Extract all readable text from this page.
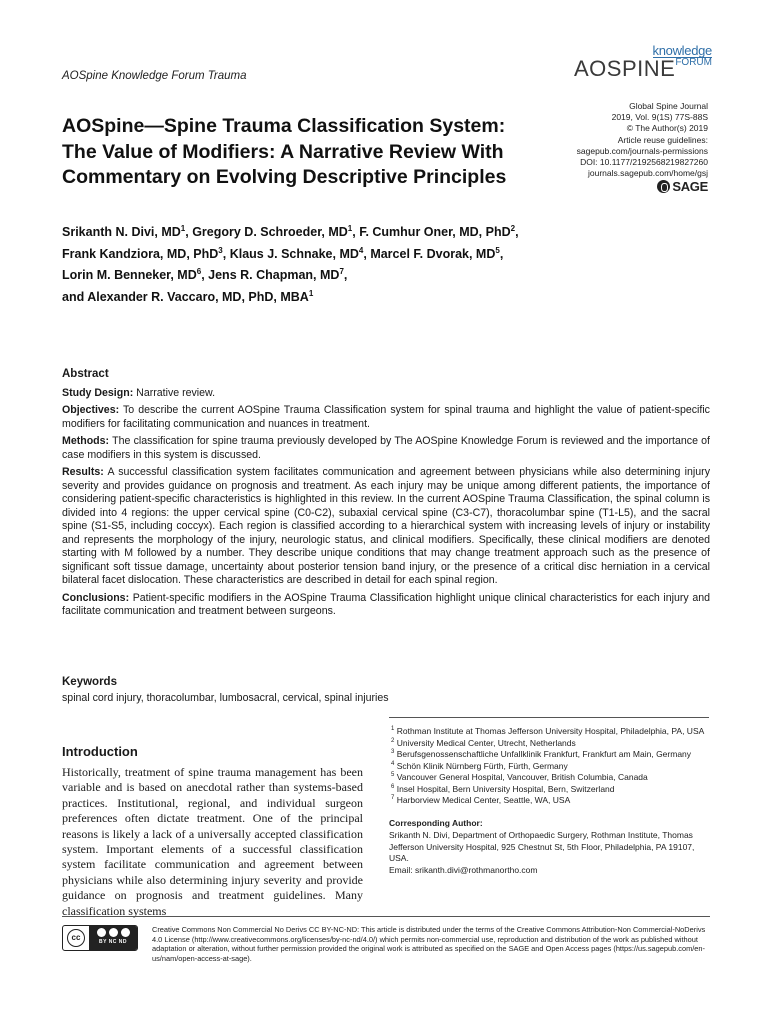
AOSpine Knowledge Forum Trauma
knowledge
AOSPINE FORUM
Global Spine Journal
2019, Vol. 9(1S) 77S-88S
© The Author(s) 2019
Article reuse guidelines:
sagepub.com/journals-permissions
DOI: 10.1177/2192568219827260
journals.sagepub.com/home/gsj
SAGE
AOSpine—Spine Trauma Classification System: The Value of Modifiers: A Narrative Review With Commentary on Evolving Descriptive Principles
Srikanth N. Divi, $MD^1$, Gregory D. Schroeder, $MD^1$, F. Cumhur Oner, MD, PhD$^2$,
Frank Kandziora, MD, PhD$^3$, Klaus J. Schnake, $MD^4$, Marcel F. Dvorak, $MD^5$,
Lorin M. Benneker, $MD^6$, Jens R. Chapman, $MD^7$,
and Alexander R. Vaccaro, MD, PhD, MBA$^1$
Abstract

Study Design: Narrative review.

Objectives: To describe the current AOSpine Trauma Classification system for spinal trauma and highlight the value of patient-specific modifiers for facilitating communication and nuances in treatment.

Methods: The classification for spine trauma previously developed by The AOSpine Knowledge Forum is reviewed and the importance of case modifiers in this system is discussed.

Results: A successful classification system facilitates communication and agreement between physicians while also determining injury severity and provides guidance on prognosis and treatment. As each injury may be unique among different patients, the importance of considering patient-specific characteristics is highlighted in this review. In the current AOSpine Trauma Classification, the spinal column is divided into 4 regions: the upper cervical spine (C0-C2), subaxial cervical spine (C3-C7), thoracolumbar spine (T1-L5), and the sacral spine (S1-S5, including coccyx). Each region is classified according to a hierarchical system with increasing levels of injury or instability and represents the morphology of the injury, neurologic status, and clinical modifiers. Specifically, these clinical modifiers are denoted starting with M followed by a number. They describe unique conditions that may change treatment approach such as the presence of significant soft tissue damage, uncertainty about posterior tension band injury, or the presence of a critical disc herniation in a cervical bilateral facet dislocation. These characteristics are described in detail for each spinal region.

Conclusions: Patient-specific modifiers in the AOSpine Trauma Classification highlight unique clinical characteristics for each injury and facilitate communication and treatment between surgeons.

Keywords
spinal cord injury, thoracolumbar, lumbosacral, cervical, spinal injuries
Introduction

Historically, treatment of spine trauma management has been variable and is based on anecdotal rather than systems-based practices. Institutional, regional, and individual surgeon preferences often dictate treatment. One of the principal reasons is likely a lack of a universally accepted classification system. Important elements of a successful classification system facilitate communication and agreement between physicians while also determining injury severity and provide guidance on prognosis and treatment guidelines. Many classification systems

$^1$ Rothman Institute at Thomas Jefferson University Hospital, Philadelphia, PA, USA
$^2$ University Medical Center, Utrecht, Netherlands
$^3$ Berufsgenossenschaftliche Unfallklinik Frankfurt, Frankfurt am Main, Germany
$^4$ Schön Klinik Nürnberg Fürth, Fürth, Germany
$^5$ Vancouver General Hospital, Vancouver, British Columbia, Canada
$^6$ Insel Hospital, Bern University Hospital, Bern, Switzerland
$^7$ Harborview Medical Center, Seattle, WA, USA
Corresponding Author:
Srikanth N. Divi, Department of Orthopaedic Surgery, Rothman Institute, Thomas Jefferson University Hospital, 925 Chestnut St, 5th Floor, Philadelphia, PA 19107, USA.
Email: srikanth.divi@rothmanortho.com
cc	BY NC ND
Creative Commons Non Commercial No Derivs CC BY-NC-ND: This article is distributed under the terms of the Creative Commons Attribution-Non Commercial-NoDerivs 4.0 License (http://www.creativecommons.org/licenses/by-nc-nd/4.0/) which permits non-commercial use, reproduction and distribution of the work as published without adaptation or alteration, without further permission provided the original work is attributed as specified on the SAGE and Open Access pages (https://us.sagepub.com/en-us/nam/open-access-at-sage).
